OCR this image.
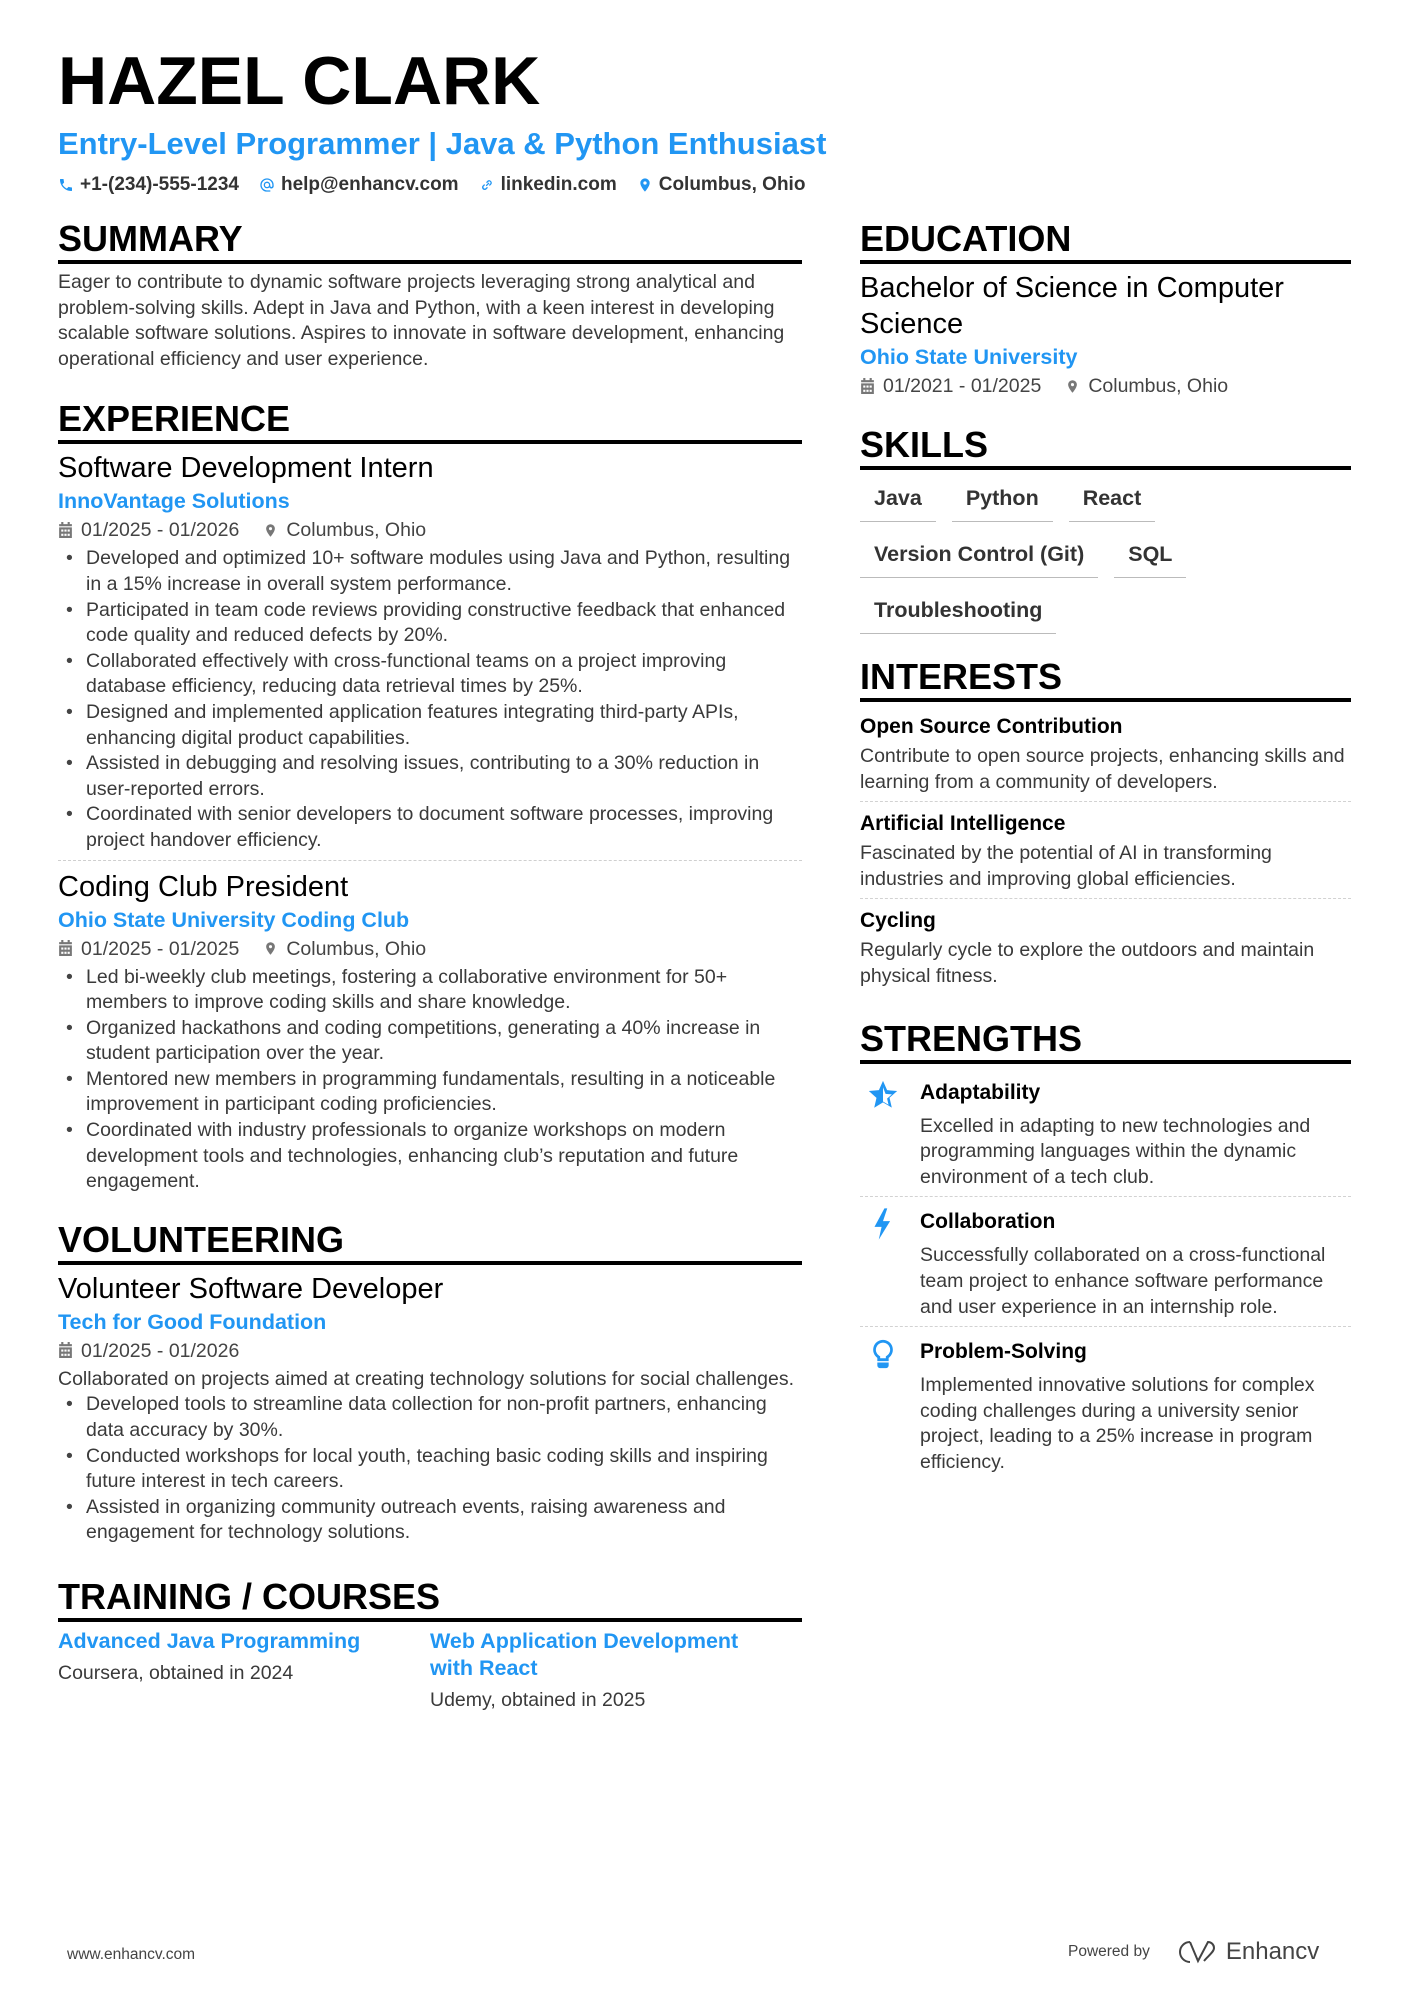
HAZEL CLARK
Entry-Level Programmer | Java & Python Enthusiast
+1-(234)-555-1234 help@enhancv.com linkedin.com Columbus, Ohio
SUMMARY

Eager to contribute to dynamic software projects leveraging strong analytical and problem-solving skills. Adept in Java and Python, with a keen interest in developing scalable software solutions. Aspires to innovate in software development, enhancing operational efficiency and user experience.

EXPERIENCE
Software Development Intern
InnoVantage Solutions
01/2025 - 01/2026 Columbus, Ohio
• Developed and optimized 10+ software modules using Java and Python, resulting in a 15% increase in overall system performance.
• Participated in team code reviews providing constructive feedback that enhanced code quality and reduced defects by 20%.
• Collaborated effectively with cross-functional teams on a project improving database efficiency, reducing data retrieval times by 25%.
• Designed and implemented application features integrating third-party APIs, enhancing digital product capabilities.
• Assisted in debugging and resolving issues, contributing to a 30% reduction in user-reported errors.
• Coordinated with senior developers to document software processes, improving project handover efficiency.
Coding Club President
Ohio State University Coding Club
01/2025 - 01/2025 Columbus, Ohio
• Led bi-weekly club meetings, fostering a collaborative environment for 50+ members to improve coding skills and share knowledge.
• Organized hackathons and coding competitions, generating a 40% increase in student participation over the year.
• Mentored new members in programming fundamentals, resulting in a noticeable improvement in participant coding proficiencies.
• Coordinated with industry professionals to organize workshops on modern development tools and technologies, enhancing club’s reputation and future engagement.
VOLUNTEERING
Volunteer Software Developer
Tech for Good Foundation
01/2025 - 01/2026

Collaborated on projects aimed at creating technology solutions for social challenges.

• Developed tools to streamline data collection for non-profit partners, enhancing data accuracy by 30%.
• Conducted workshops for local youth, teaching basic coding skills and inspiring future interest in tech careers.
• Assisted in organizing community outreach events, raising awareness and engagement for technology solutions.
TRAINING / COURSES
Advanced Java Programming
Coursera, obtained in 2024
Web Application Development with React
Udemy, obtained in 2025
EDUCATION
Bachelor of Science in Computer Science
Ohio State University
01/2021 - 01/2025 Columbus, Ohio
SKILLS
Java	Python	React
Version Control (Git)	SQL
Troubleshooting
INTERESTS
Open Source Contribution
Contribute to open source projects, enhancing skills and learning from a community of developers.
Artificial Intelligence
Fascinated by the potential of AI in transforming industries and improving global efficiencies.
Cycling
Regularly cycle to explore the outdoors and maintain physical fitness.
STRENGTHS
Adaptability
Excelled in adapting to new technologies and programming languages within the dynamic environment of a tech club.
Collaboration
Successfully collaborated on a cross-functional team project to enhance software performance and user experience in an internship role.
Problem-Solving
Implemented innovative solutions for complex coding challenges during a university senior project, leading to a 25% increase in program efficiency.
www.enhancv.com	Powered by	Enhancv
